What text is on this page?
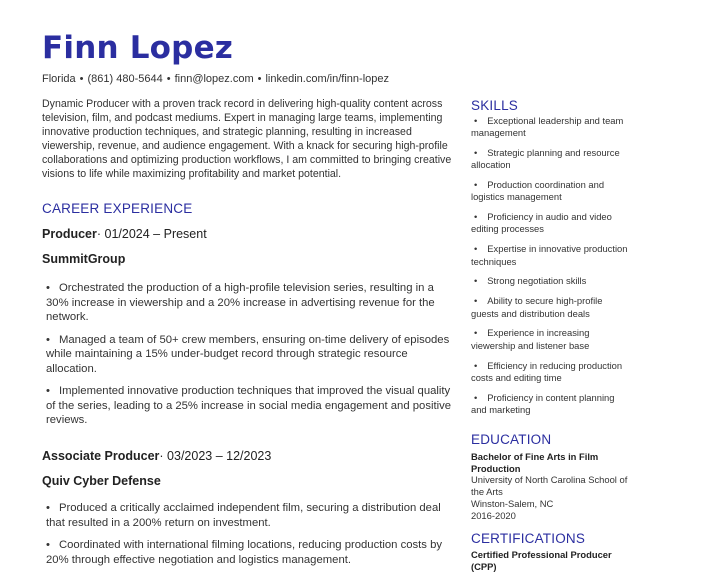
Finn Lopez
Florida • (861) 480-5644 • finn@lopez.com • linkedin.com/in/finn-lopez

Dynamic Producer with a proven track record in delivering high-quality content across television, film, and podcast mediums. Expert in managing large teams, implementing innovative production techniques, and strategic planning, resulting in increased viewership, revenue, and audience engagement. With a knack for securing high-profile collaborations and optimizing production workflows, I am committed to bringing creative visions to life while maximizing profitability and market potential.

CAREER EXPERIENCE

Producer· 01/2024 – Present

SummitGroup

• Orchestrated the production of a high-profile television series, resulting in a 30% increase in viewership and a 20% increase in advertising revenue for the network.
• Managed a team of 50+ crew members, ensuring on-time delivery of episodes while maintaining a 15% under-budget record through strategic resource allocation.
• Implemented innovative production techniques that improved the visual quality of the series, leading to a 25% increase in social media engagement and positive reviews.

Associate Producer· 03/2023 – 12/2023

Quiv Cyber Defense

• Produced a critically acclaimed independent film, securing a distribution deal that resulted in a 200% return on investment.
• Coordinated with international filming locations, reducing production costs by 20% through effective negotiation and logistics management.
SKILLS
• Exceptional leadership and team management
• Strategic planning and resource allocation
• Production coordination and logistics management
• Proficiency in audio and video editing processes
• Expertise in innovative production techniques
• Strong negotiation skills
• Ability to secure high-profile guests and distribution deals
• Experience in increasing viewership and listener base
• Efficiency in reducing production costs and editing time
• Proficiency in content planning and marketing
EDUCATION

Bachelor of Fine Arts in Film Production

University of North Carolina School of the Arts

Winston-Salem, NC

2016-2020

CERTIFICATIONS

Certified Professional Producer (CPP)
